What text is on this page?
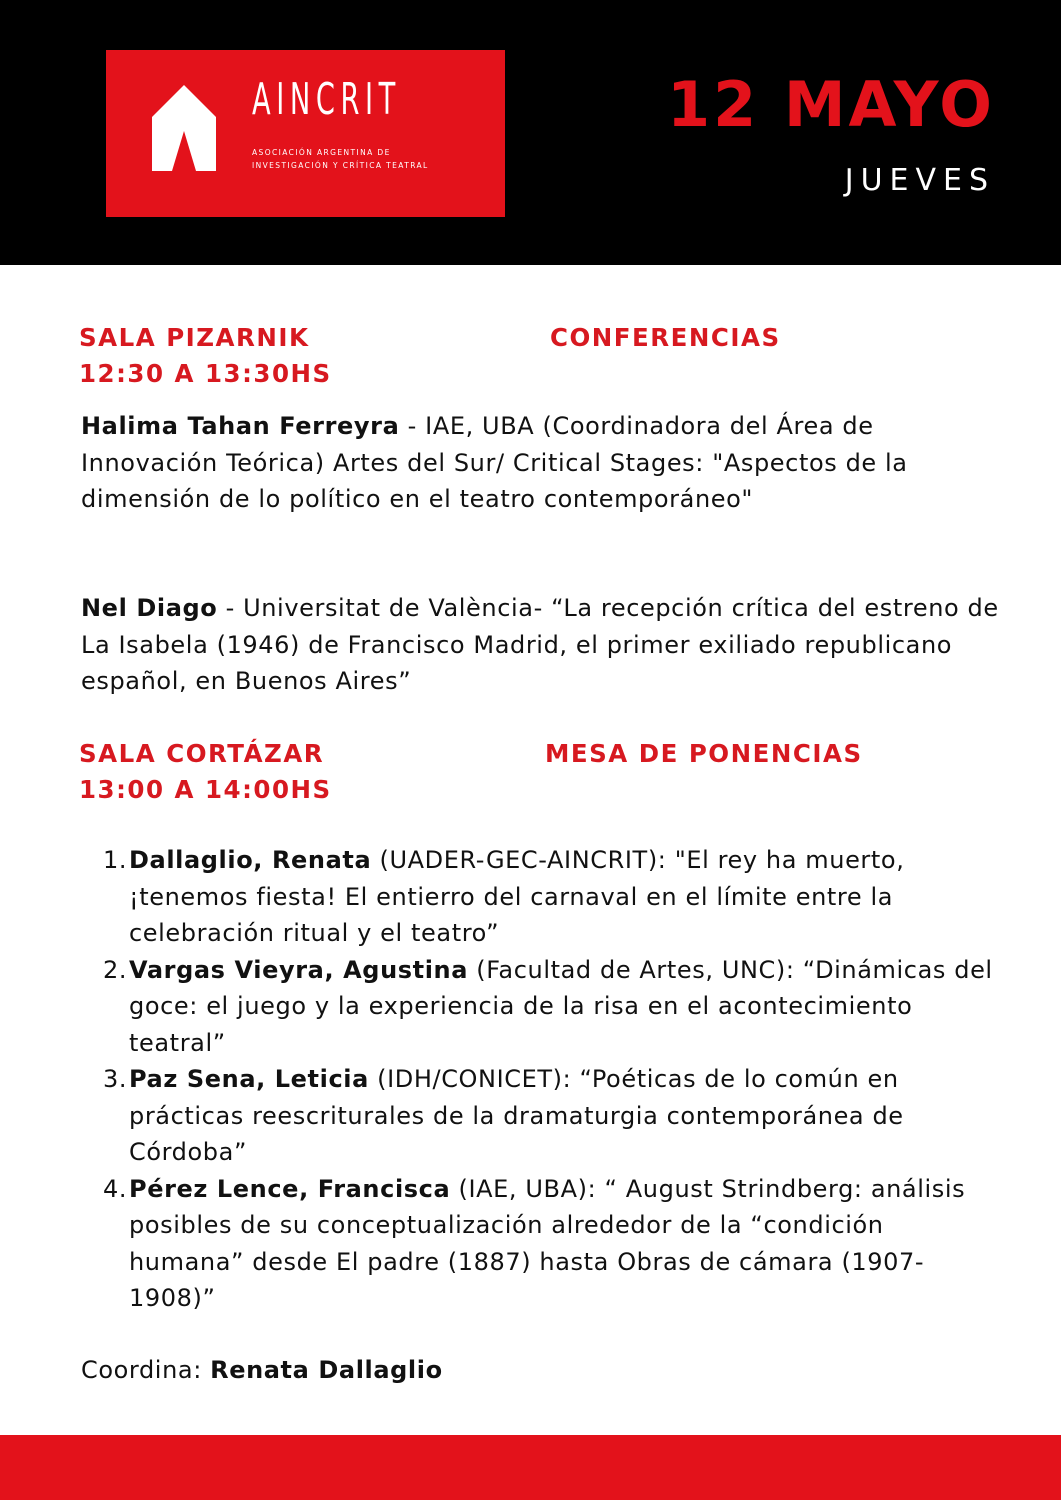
AINCRIT
ASOCIACIÓN ARGENTINA DE
INVESTIGACIÓN Y CRÍTICA TEATRAL
12 MAYO
JUEVES
SALA PIZARNIK
12:30 A 13:30HS
CONFERENCIAS
Halima Tahan Ferreyra - IAE, UBA (Coordinadora del Área de Innovación Teórica) Artes del Sur/ Critical Stages: "Aspectos de la dimensión de lo político en el teatro contemporáneo"
Nel Diago - Universitat de València- “La recepción crítica del estreno de La Isabela (1946) de Francisco Madrid, el primer exiliado republicano español, en Buenos Aires”
SALA CORTÁZAR
13:00 A 14:00HS
MESA DE PONENCIAS
1. Dallaglio, Renata (UADER-GEC-AINCRIT): "El rey ha muerto, ¡tenemos fiesta! El entierro del carnaval en el límite entre la celebración ritual y el teatro”
2. Vargas Vieyra, Agustina (Facultad de Artes, UNC): “Dinámicas del goce: el juego y la experiencia de la risa en el acontecimiento teatral”
3. Paz Sena, Leticia (IDH/CONICET): “Poéticas de lo común en prácticas reescriturales de la dramaturgia contemporánea de Córdoba”
4. Pérez Lence, Francisca (IAE, UBA): “ August Strindberg: análisis posibles de su conceptualización alrededor de la “condición humana” desde El padre (1887) hasta Obras de cámara (1907-1908)”
Coordina: Renata Dallaglio
